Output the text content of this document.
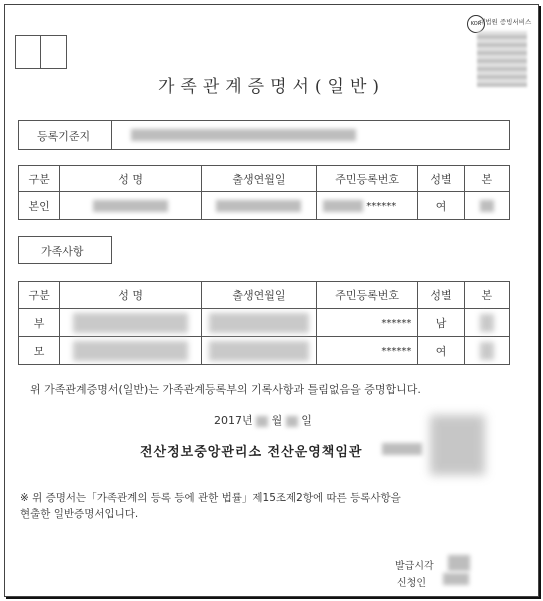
KOR
대법원 증빙서비스
가족관계증명서(일반)
등록기준지
구분	성 명	출생연월일	주민등록번호	성별	본
본인			******	여	
가족사항
구분	성 명	출생연월일	주민등록번호	성별	본
부			******	남	
모			******	여	
위 가족관계증명서(일반)는 가족관계등록부의 기록사항과 틀림없음을 증명합니다.
2017년 월 일
전산정보중앙관리소 전산운영책임관
※ 위 증명서는「가족관계의 등록 등에 관한 법률」제15조제2항에 따른 등록사항을
현출한 일반증명서입니다.
발급시각
신청인
